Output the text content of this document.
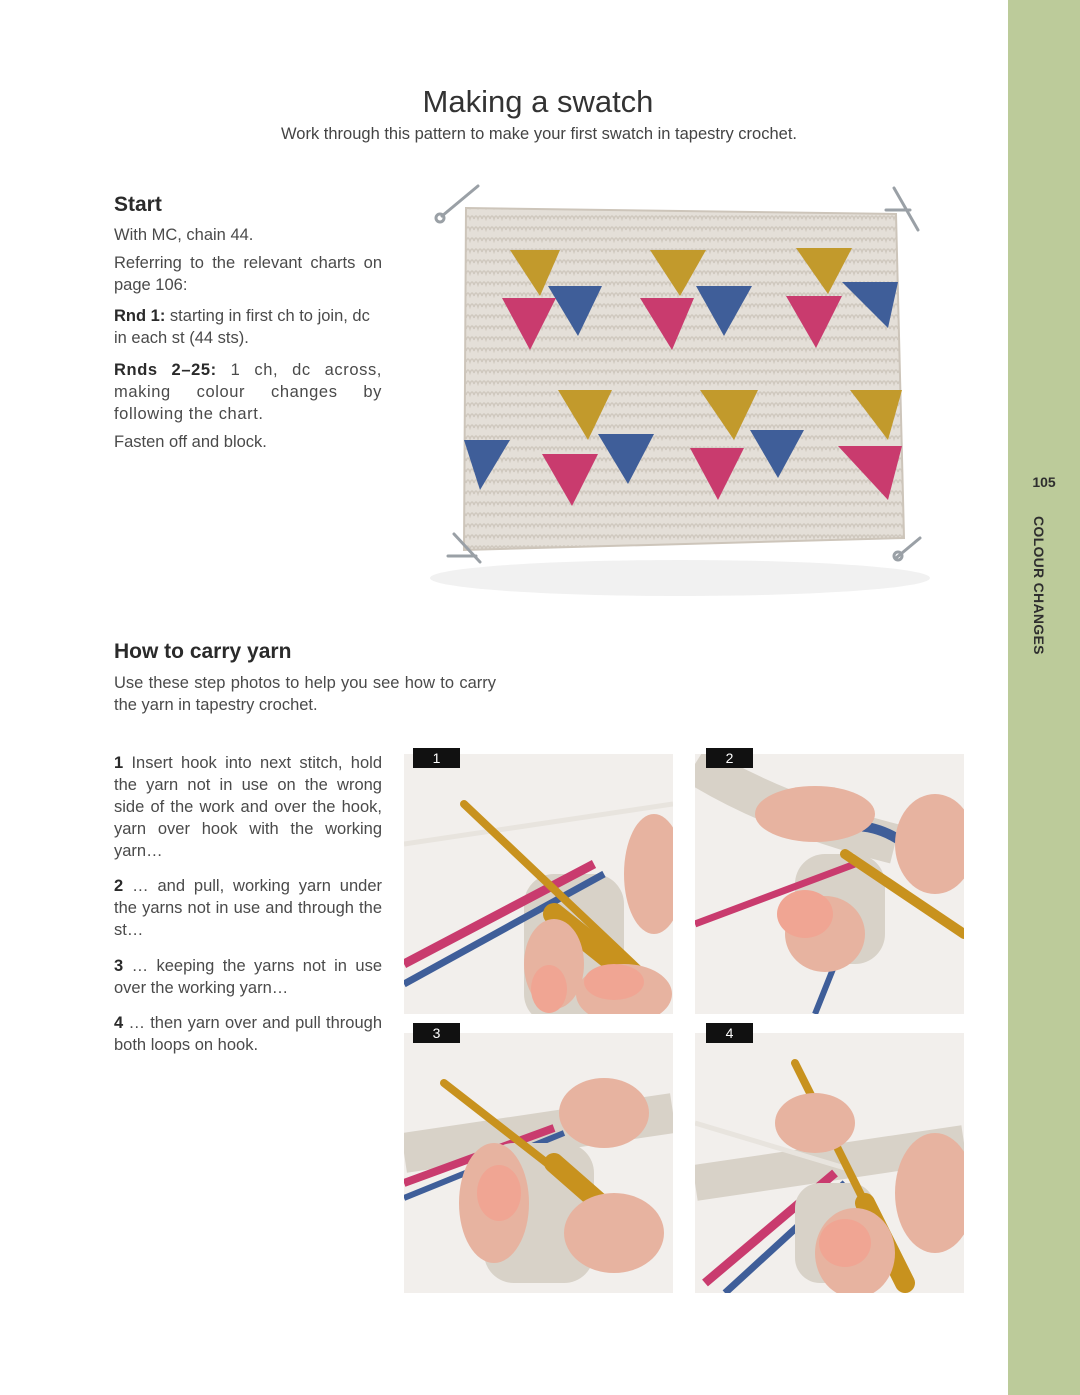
105
COLOUR CHANGES
Making a swatch
Work through this pattern to make your first swatch in tapestry crochet.
Start

With MC, chain 44.

Referring to the relevant charts on page 106:

Rnd 1: starting in first ch to join, dc in each st (44 sts).

Rnds 2–25: 1 ch, dc across, making colour changes by following the chart.

Fasten off and block.

How to carry yarn

Use these step photos to help you see how to carry the yarn in tapestry crochet.

1 Insert hook into next stitch, hold the yarn not in use on the wrong side of the work and over the hook, yarn over hook with the working yarn…

2 … and pull, working yarn under the yarns not in use and through the st…

3 … keeping the yarns not in use over the working yarn…

4 … then yarn over and pull through both loops on hook.

1	2
3	4
